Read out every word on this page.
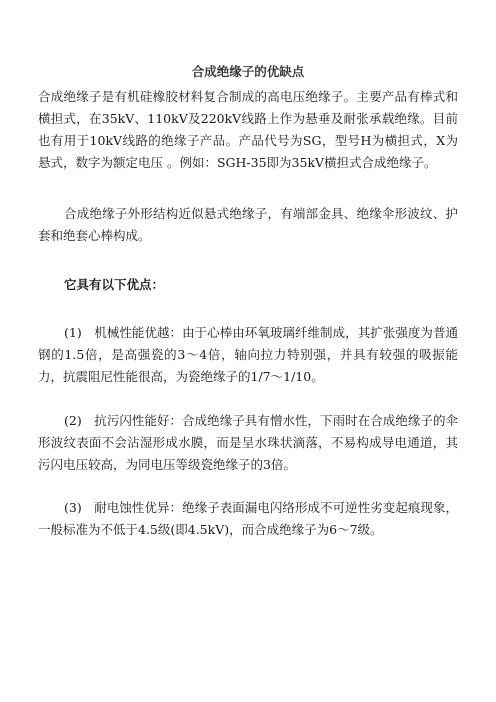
合成绝缘子的优缺点

合成绝缘子是有机硅橡胶材料复合制成的高电压绝缘子。主要产品有棒式和横担式，在35kV、110kV及220kV线路上作为悬垂及耐张承载绝缘。目前也有用于10kV线路的绝缘子产品。产品代号为SG，型号H为横担式，X为悬式，数字为额定电压 。例如：SGH-35即为35kV横担式合成绝缘子。

合成绝缘子外形结构近似悬式绝缘子，有端部金具、绝缘伞形波纹、护套和绝套心棒构成。

它具有以下优点：

(1)　机械性能优越：由于心棒由环氧玻璃纤维制成，其扩张强度为普通钢的1.5倍，是高强瓷的3～4倍，轴向拉力特别强，并具有较强的吸振能力，抗震阻尼性能很高，为瓷绝缘子的1/7～1/10。

(2)　抗污闪性能好：合成绝缘子具有憎水性，下雨时在合成绝缘子的伞形波纹表面不会沾湿形成水膜，而是呈水珠状滴落，不易构成导电通道，其污闪电压较高，为同电压等级瓷绝缘子的3倍。

(3)　耐电蚀性优异：绝缘子表面漏电闪络形成不可逆性劣变起痕现象，一般标准为不低于4.5级(即4.5kV)，而合成绝缘子为6～7级。
